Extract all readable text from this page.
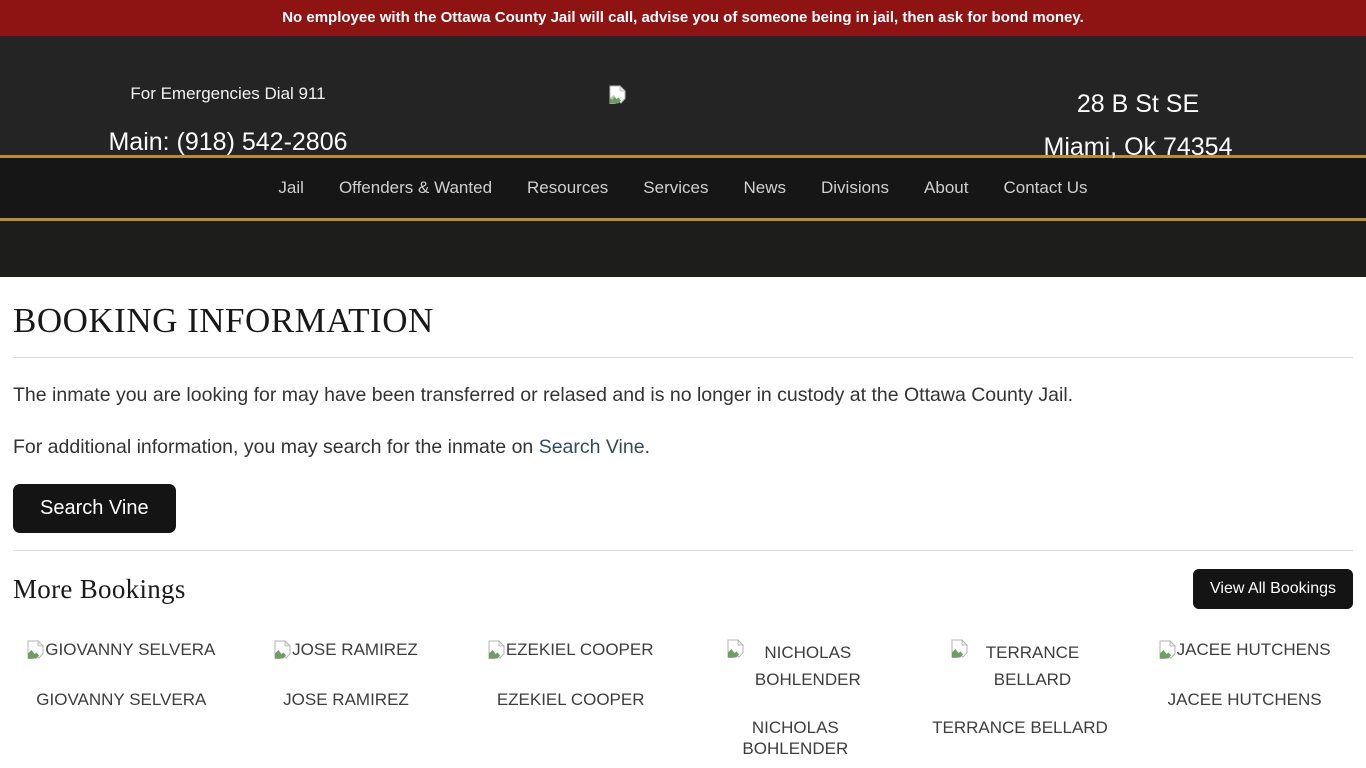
No employee with the Ottawa County Jail will call, advise you of someone being in jail, then ask for bond money.
For Emergencies Dial 911
Main: (918) 542-2806
28 B St SE
Miami, Ok 74354
Jail Offenders & Wanted Resources Services News Divisions About Contact Us
BOOKING INFORMATION

The inmate you are looking for may have been transferred or relased and is no longer in custody at the Ottawa County Jail.

For additional information, you may search for the inmate on Search Vine.

Search Vine
More Bookings	View All Bookings
GIOVANNY SELVERA
GIOVANNY SELVERA
JOSE RAMIREZ
JOSE RAMIREZ
EZEKIEL COOPER
EZEKIEL COOPER
NICHOLAS BOHLENDER
NICHOLAS BOHLENDER
TERRANCE BELLARD
TERRANCE BELLARD
JACEE HUTCHENS
JACEE HUTCHENS
